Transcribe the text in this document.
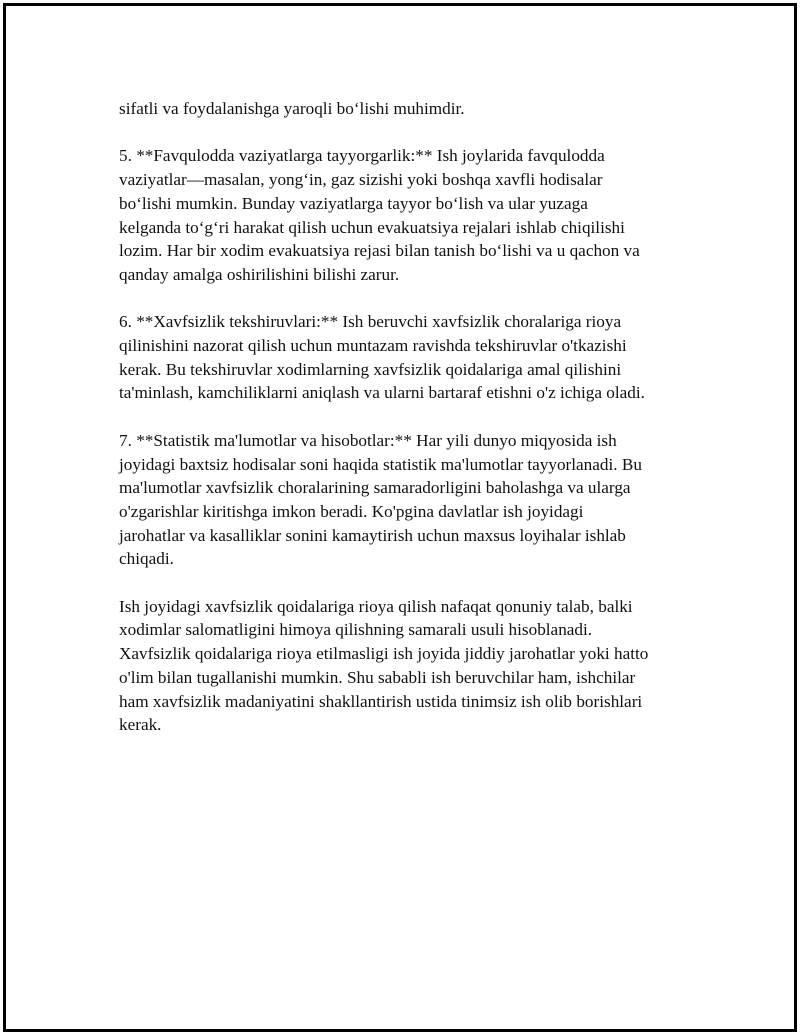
sifatli va foydalanishga yaroqli bo‘lishi muhimdir.

5. **Favqulodda vaziyatlarga tayyorgarlik:** Ish joylarida favqulodda
vaziyatlar—masalan, yong‘in, gaz sizishi yoki boshqa xavfli hodisalar
bo‘lishi mumkin. Bunday vaziyatlarga tayyor bo‘lish va ular yuzaga
kelganda to‘g‘ri harakat qilish uchun evakuatsiya rejalari ishlab chiqilishi
lozim. Har bir xodim evakuatsiya rejasi bilan tanish bo‘lishi va u qachon va
qanday amalga oshirilishini bilishi zarur.

6. **Xavfsizlik tekshiruvlari:** Ish beruvchi xavfsizlik choralariga rioya
qilinishini nazorat qilish uchun muntazam ravishda tekshiruvlar o'tkazishi
kerak. Bu tekshiruvlar xodimlarning xavfsizlik qoidalariga amal qilishini
ta'minlash, kamchiliklarni aniqlash va ularni bartaraf etishni o'z ichiga oladi.

7. **Statistik ma'lumotlar va hisobotlar:** Har yili dunyo miqyosida ish
joyidagi baxtsiz hodisalar soni haqida statistik ma'lumotlar tayyorlanadi. Bu
ma'lumotlar xavfsizlik choralarining samaradorligini baholashga va ularga
o'zgarishlar kiritishga imkon beradi. Ko'pgina davlatlar ish joyidagi
jarohatlar va kasalliklar sonini kamaytirish uchun maxsus loyihalar ishlab
chiqadi.

Ish joyidagi xavfsizlik qoidalariga rioya qilish nafaqat qonuniy talab, balki
xodimlar salomatligini himoya qilishning samarali usuli hisoblanadi.
Xavfsizlik qoidalariga rioya etilmasligi ish joyida jiddiy jarohatlar yoki hatto
o'lim bilan tugallanishi mumkin. Shu sababli ish beruvchilar ham, ishchilar
ham xavfsizlik madaniyatini shakllantirish ustida tinimsiz ish olib borishlari
kerak.
